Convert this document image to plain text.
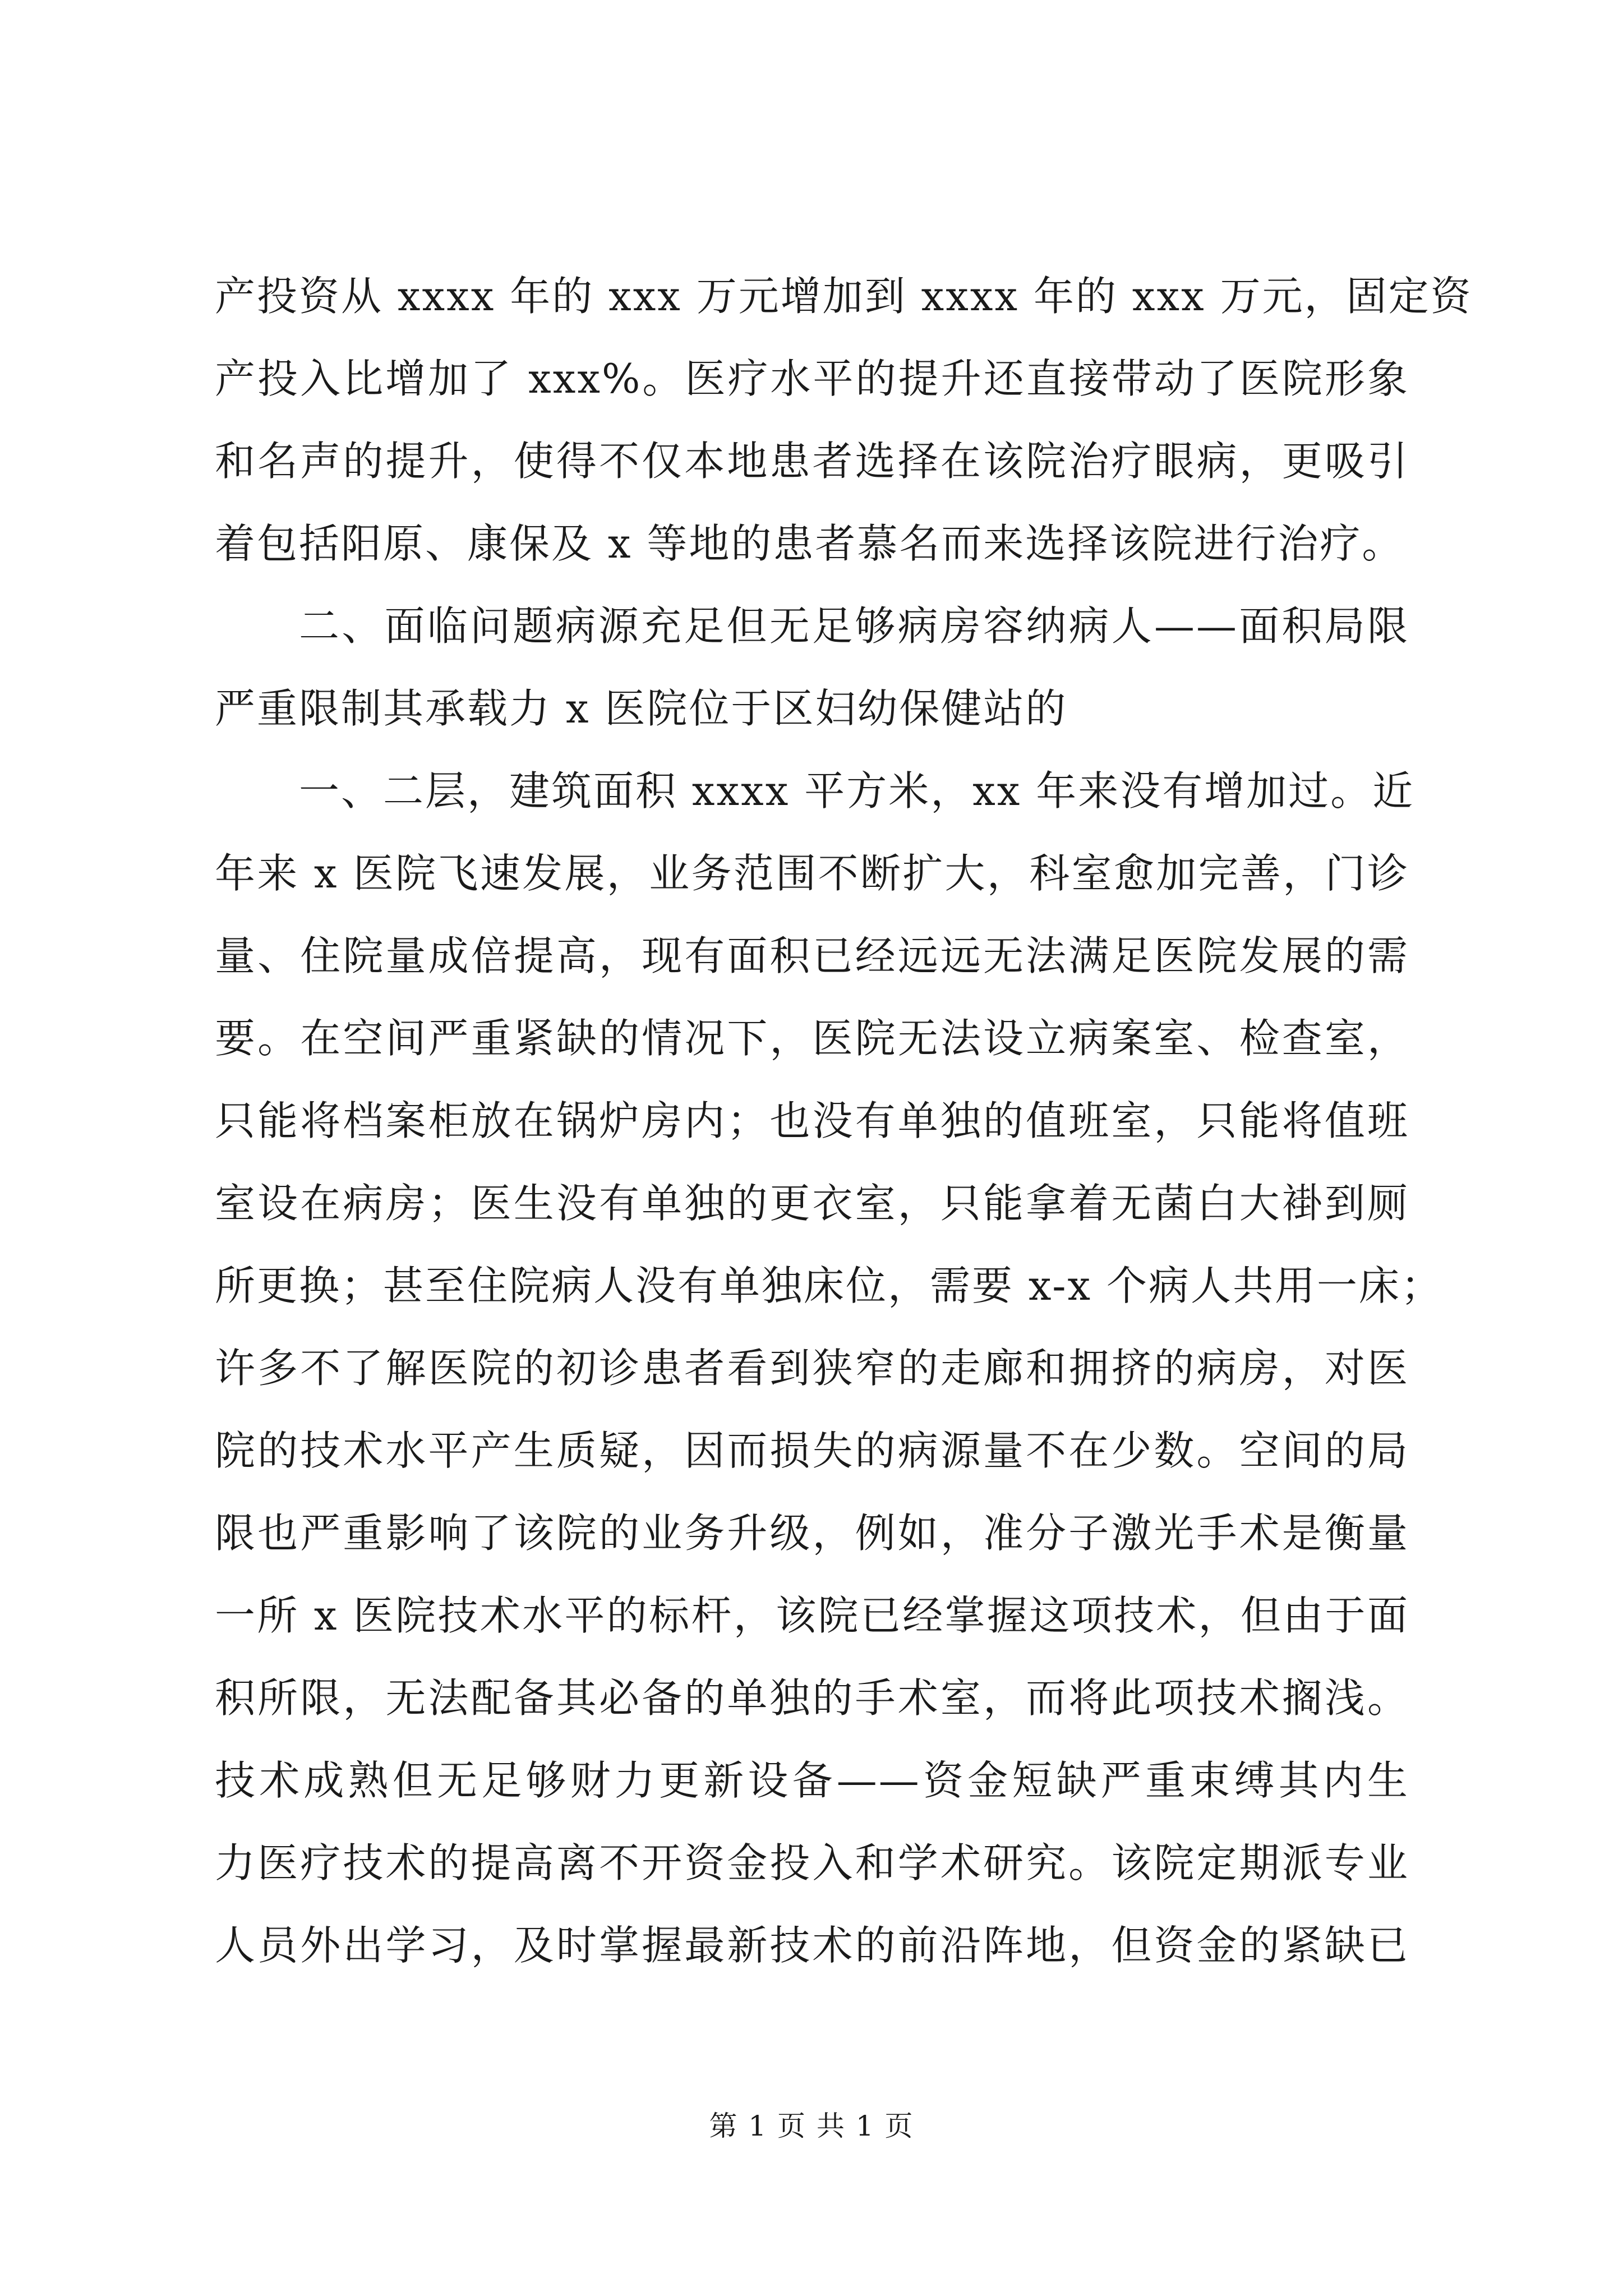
产投资从 xxxx 年的 xxx 万元增加到 xxxx 年的 xxx 万元，固定资
产投入比增加了 xxx%。医疗水平的提升还直接带动了医院形象
和名声的提升，使得不仅本地患者选择在该院治疗眼病，更吸引
着包括阳原、康保及 x 等地的患者慕名而来选择该院进行治疗。
二、面临问题病源充足但无足够病房容纳病人——面积局限
严重限制其承载力 x 医院位于区妇幼保健站的
一、二层，建筑面积 xxxx 平方米，xx 年来没有增加过。近
年来 x 医院飞速发展，业务范围不断扩大，科室愈加完善，门诊
量、住院量成倍提高，现有面积已经远远无法满足医院发展的需
要。在空间严重紧缺的情况下，医院无法设立病案室、检查室，
只能将档案柜放在锅炉房内；也没有单独的值班室，只能将值班
室设在病房；医生没有单独的更衣室，只能拿着无菌白大褂到厕
所更换；甚至住院病人没有单独床位，需要 x-x 个病人共用一床；
许多不了解医院的初诊患者看到狭窄的走廊和拥挤的病房，对医
院的技术水平产生质疑，因而损失的病源量不在少数。空间的局
限也严重影响了该院的业务升级，例如，准分子激光手术是衡量
一所 x 医院技术水平的标杆，该院已经掌握这项技术，但由于面
积所限，无法配备其必备的单独的手术室，而将此项技术搁浅。
技术成熟但无足够财力更新设备——资金短缺严重束缚其内生
力医疗技术的提高离不开资金投入和学术研究。该院定期派专业
人员外出学习，及时掌握最新技术的前沿阵地，但资金的紧缺已
第 1 页 共 1 页
